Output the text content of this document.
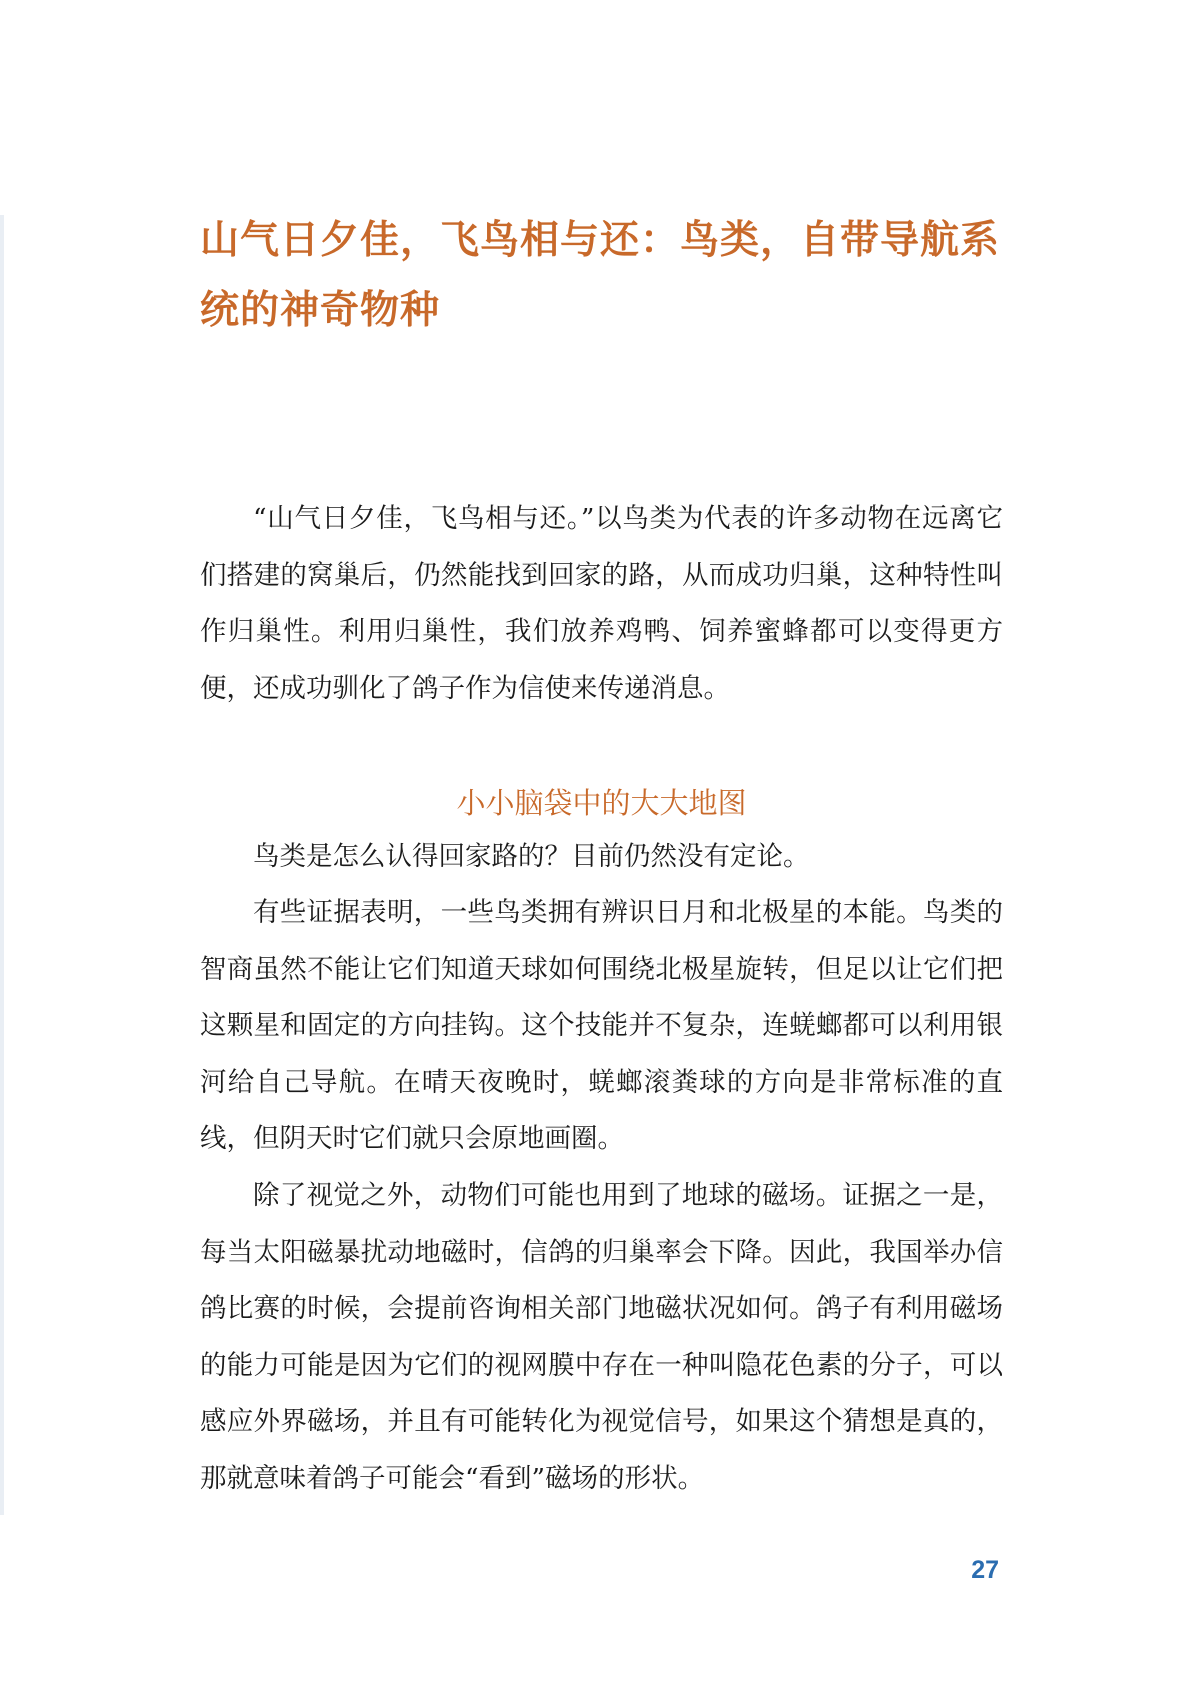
山气日夕佳，飞鸟相与还：鸟类，自带导航系统的神奇物种

“山气日夕佳，飞鸟相与还。”以鸟类为代表的许多动物在远离它们搭建的窝巢后，仍然能找到回家的路，从而成功归巢，这种特性叫作归巢性。利用归巢性，我们放养鸡鸭、饲养蜜蜂都可以变得更方便，还成功驯化了鸽子作为信使来传递消息。

小小脑袋中的大大地图

鸟类是怎么认得回家路的？目前仍然没有定论。

有些证据表明，一些鸟类拥有辨识日月和北极星的本能。鸟类的智商虽然不能让它们知道天球如何围绕北极星旋转，但足以让它们把这颗星和固定的方向挂钩。这个技能并不复杂，连蜣螂都可以利用银河给自己导航。在晴天夜晚时，蜣螂滚粪球的方向是非常标准的直线，但阴天时它们就只会原地画圈。

除了视觉之外，动物们可能也用到了地球的磁场。证据之一是，每当太阳磁暴扰动地磁时，信鸽的归巢率会下降。因此，我国举办信鸽比赛的时候，会提前咨询相关部门地磁状况如何。鸽子有利用磁场的能力可能是因为它们的视网膜中存在一种叫隐花色素的分子，可以感应外界磁场，并且有可能转化为视觉信号，如果这个猜想是真的，那就意味着鸽子可能会“看到”磁场的形状。

27
